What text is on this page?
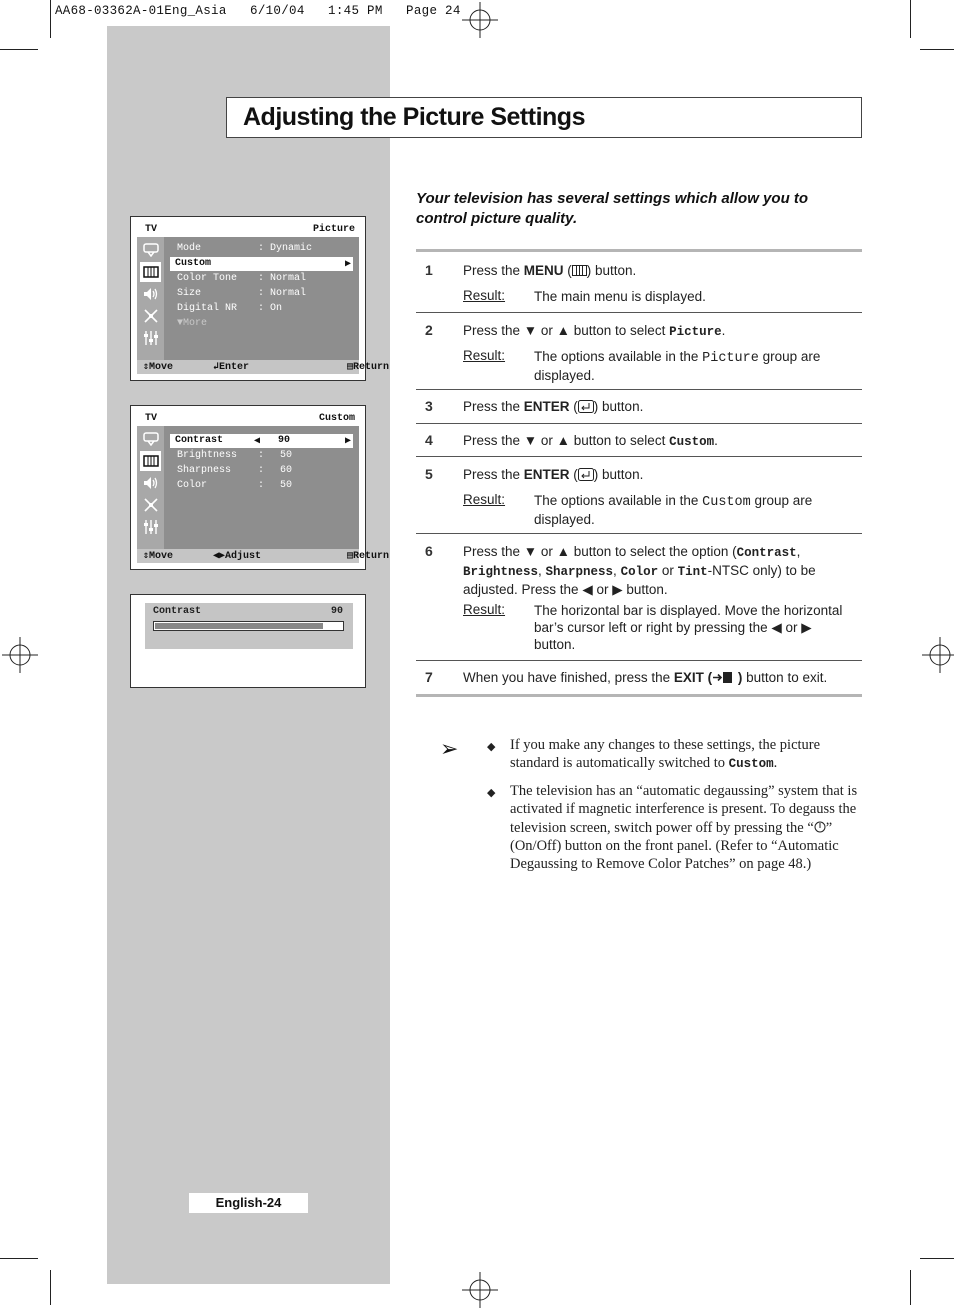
AA68-03362A-01Eng_Asia   6/10/04   1:45 PM   Page 24
Adjusting the Picture Settings
TV	Picture
Mode	: Dynamic
Custom	▶
Color Tone : Normal
Size	: Normal
Digital NR : On
▼More
⇕ Move	↲ Enter	▤ Return
TV	Custom
Contrast	◀ 90	▶
Brightness : 50
Sharpness	: 60
Color	: 50
⇕ Move	◀▶ Adjust	▤ Return
Contrast	90
Your television has several settings which allow you to control picture quality.
1 Press the MENU ( ) button.
Result: The main menu is displayed.
2 Press the ▼ or ▲ button to select Picture.
Result: The options available in the Picture group are displayed.
3 Press the ENTER ( ) button.
4 Press the ▼ or ▲ button to select Custom.
5 Press the ENTER ( ) button.
Result: The options available in the Custom group are displayed.
6 Press the ▼ or ▲ button to select the option (Contrast, Brightness, Sharpness, Color or Tint-NTSC only) to be adjusted. Press the ◀ or ▶ button.
Result: The horizontal bar is displayed. Move the horizontal bar’s cursor left or right by pressing the ◀ or ▶ button.
7 When you have finished, press the EXIT ( ) button to exit.
➢	◆ If you make any changes to these settings, the picture standard is automatically switched to Custom.
◆ The television has an “automatic degaussing” system that is activated if magnetic interference is present. To degauss the television screen, switch power off by pressing the “ ” (On/Off) button on the front panel. (Refer to “Automatic Degaussing to Remove Color Patches” on page 48.)
English-24
